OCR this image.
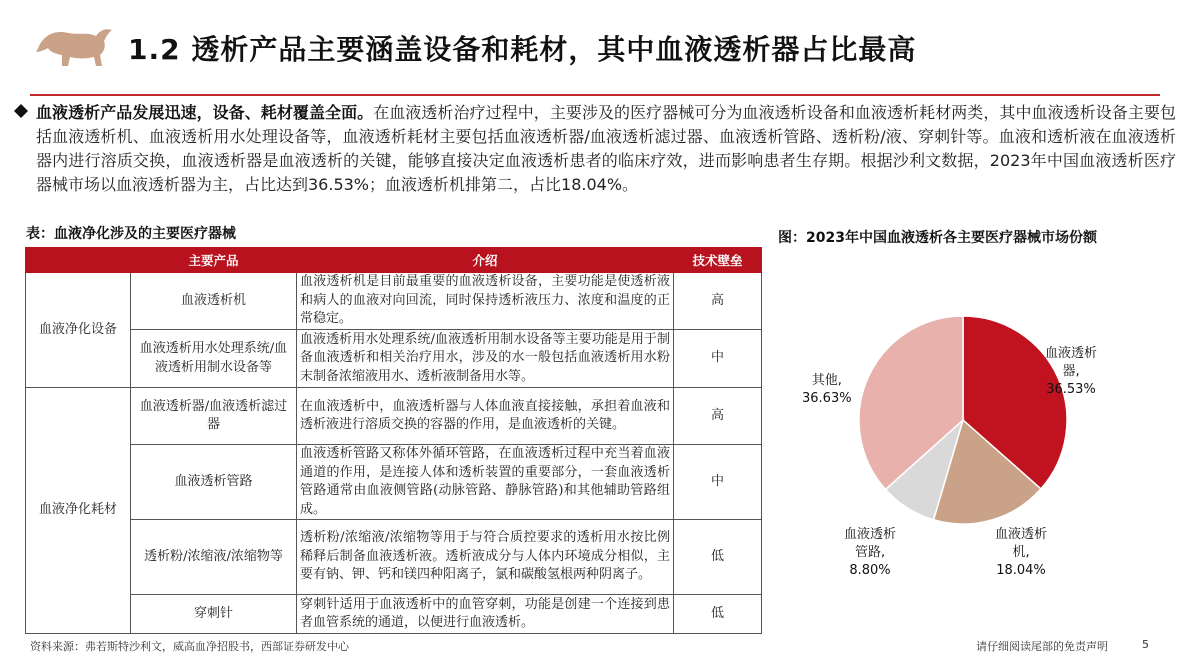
1.2 透析产品主要涵盖设备和耗材，其中血液透析器占比最高

血液透析产品发展迅速，设备、耗材覆盖全面。在血液透析治疗过程中，主要涉及的医疗器械可分为血液透析设备和血液透析耗材两类，其中血液透析设备主要包括血液透析机、血液透析用水处理设备等，血液透析耗材主要包括血液透析器/血液透析滤过器、血液透析管路、透析粉/液、穿刺针等。血液和透析液在血液透析器内进行溶质交换，血液透析器是血液透析的关键，能够直接决定血液透析患者的临床疗效，进而影响患者生存期。根据沙利文数据，2023年中国血液透析医疗器械市场以血液透析器为主，占比达到36.53%；血液透析机排第二，占比18.04%。

表：血液净化涉及的主要医疗器械	图：2023年中国血液透析各主要医疗器械市场份额
	主要产品	介绍	技术壁垒
血液净化设备	血液透析机	血液透析机是目前最重要的血液透析设备，主要功能是使透析液和病人的血液对向回流，同时保持透析液压力、浓度和温度的正常稳定。	高
	血液透析用水处理系统/血液透析用制水设备等	血液透析用水处理系统/血液透析用制水设备等主要功能是用于制备血液透析和相关治疗用水，涉及的水一般包括血液透析用水粉末制备浓缩液用水、透析液制备用水等。	中
血液净化耗材	血液透析器/血液透析滤过器	在血液透析中，血液透析器与人体血液直接接触，承担着血液和透析液进行溶质交换的容器的作用，是血液透析的关键。	高
	血液透析管路	血液透析管路又称体外循环管路，在血液透析过程中充当着血液通道的作用，是连接人体和透析装置的重要部分，一套血液透析管路通常由血液侧管路(动脉管路、静脉管路)和其他辅助管路组成。	中
	透析粉/浓缩液/浓缩物等	透析粉/浓缩液/浓缩物等用于与符合质控要求的透析用水按比例稀释后制备血液透析液。透析液成分与人体内环境成分相似，主要有钠、钾、钙和镁四种阳离子，氯和碳酸氢根两种阴离子。	低
	穿刺针	穿刺针适用于血液透析中的血管穿刺，功能是创建一个连接到患者血管系统的通道，以便进行血液透析。	低
血液透析
器,
36.53%
血液透析
机,
18.04%
血液透析
管路,
8.80%
其他,
36.63%
资料来源：弗若斯特沙利文，威高血净招股书，西部证券研发中心	请仔细阅读尾部的免责声明	5
